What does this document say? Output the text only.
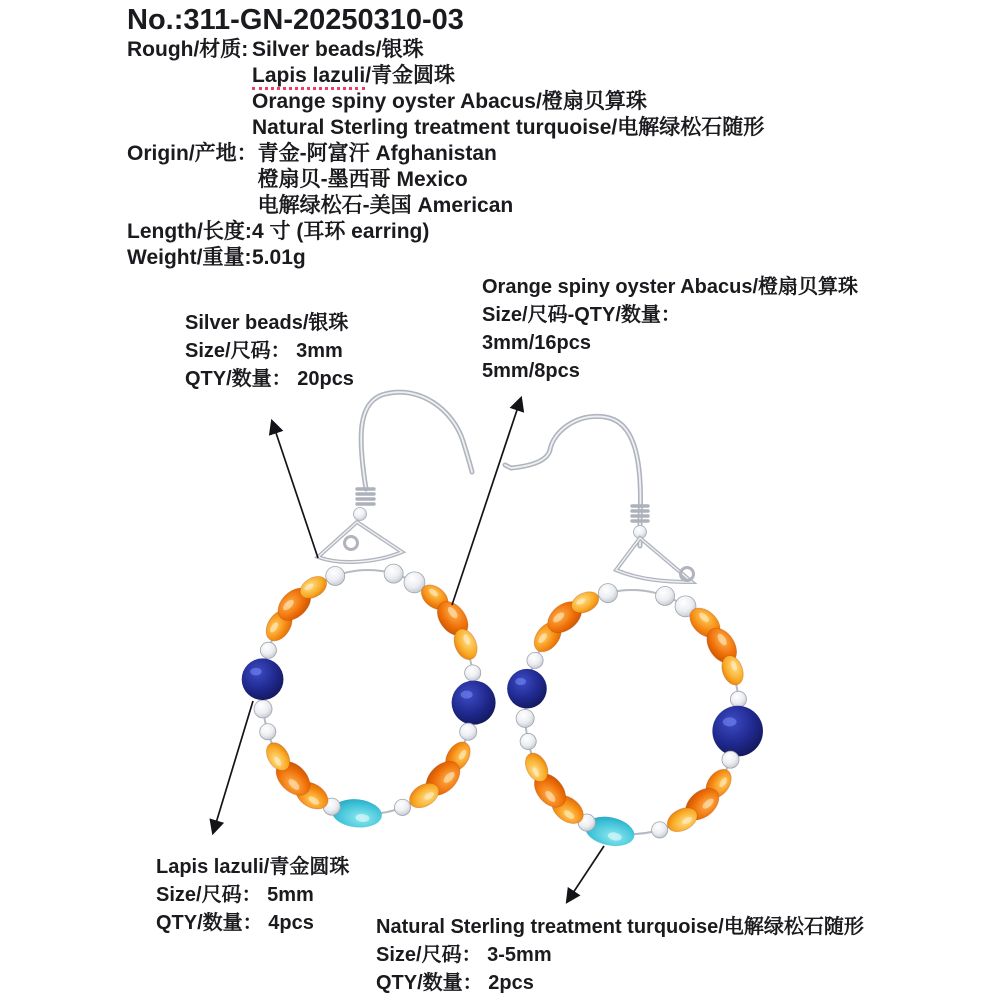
No.:311-GN-20250310-03
Rough/材质: Silver beads/银珠
Lapis lazuli/青金圆珠
Orange spiny oyster Abacus/橙扇贝算珠
Natural Sterling treatment turquoise/电解绿松石随形
Origin/产地： 青金-阿富汗 Afghanistan
橙扇贝-墨西哥 Mexico
电解绿松石-美国 American
Length/长度: 4 寸 (耳环 earring)
Weight/重量: 5.01g
Silver beads/银珠
Size/尺码： 3mm
QTY/数量： 20pcs
Orange spiny oyster Abacus/橙扇贝算珠
Size/尺码-QTY/数量：
3mm/16pcs
5mm/8pcs
Lapis lazuli/青金圆珠
Size/尺码： 5mm
QTY/数量： 4pcs	Natural Sterling treatment turquoise/电解绿松石随形
Size/尺码： 3-5mm
QTY/数量： 2pcs
